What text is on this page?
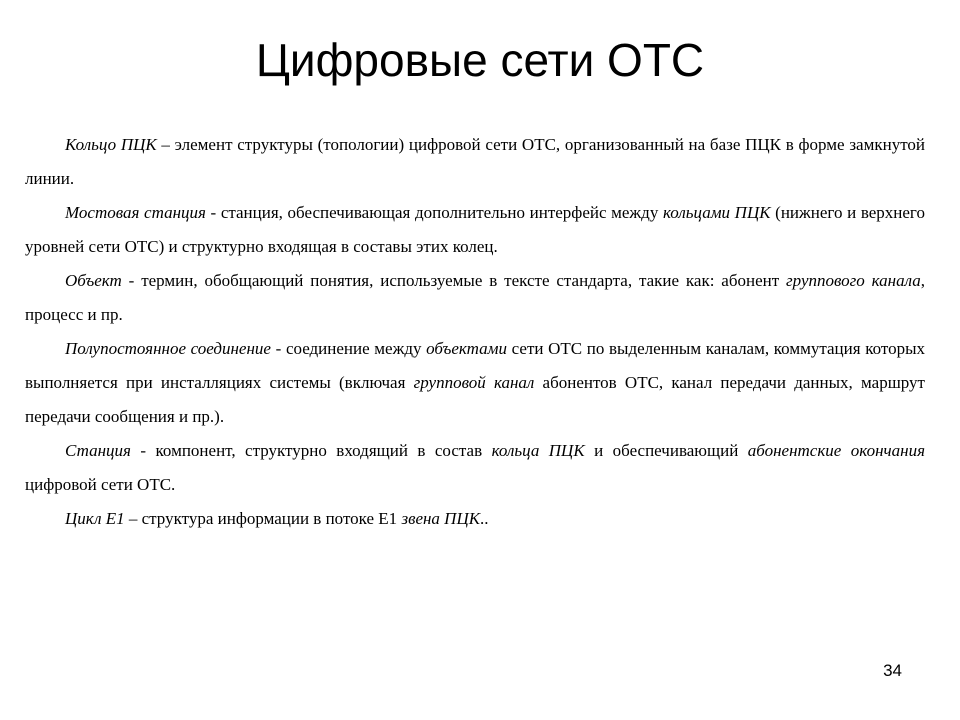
Цифровые сети ОТС

Кольцо ПЦК – элемент структуры (топологии) цифровой сети ОТС, организованный на базе ПЦК в форме замкнутой линии.

Мостовая станция - станция, обеспечивающая дополнительно интерфейс между кольцами ПЦК (нижнего и верхнего уровней сети ОТС) и структурно входящая в составы этих колец.

Объект - термин, обобщающий понятия, используемые в тексте стандарта, такие как: абонент группового канала, процесс и пр.

Полупостоянное соединение - соединение между объектами сети ОТС по выделенным каналам, коммутация которых выполняется при инсталляциях системы (включая групповой канал абонентов ОТС, канал передачи данных, маршрут передачи сообщения и пр.).

Станция - компонент, структурно входящий в состав кольца ПЦК и обеспечивающий абонентские окончания цифровой сети ОТС.

Цикл E1 – структура информации в потоке E1 звена ПЦК..

34
